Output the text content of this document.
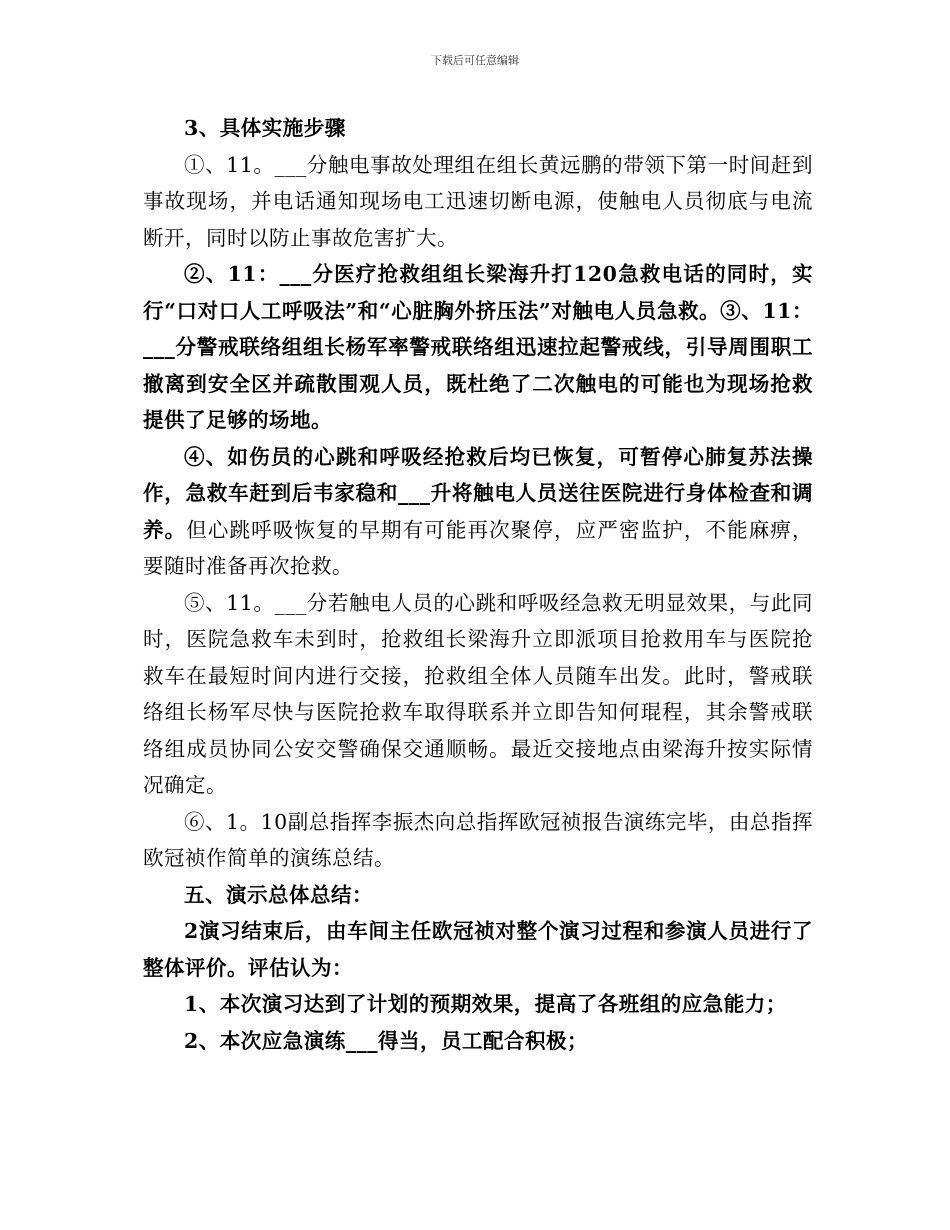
下载后可任意编辑

3、具体实施步骤

①、11。___分触电事故处理组在组长黄远鹏的带领下第一时间赶到事故现场，并电话通知现场电工迅速切断电源，使触电人员彻底与电流断开，同时以防止事故危害扩大。

②、11：___分医疗抢救组组长梁海升打120急救电话的同时，实行“口对口人工呼吸法”和“心脏胸外挤压法”对触电人员急救。③、11：___分警戒联络组组长杨军率警戒联络组迅速拉起警戒线，引导周围职工撤离到安全区并疏散围观人员，既杜绝了二次触电的可能也为现场抢救提供了足够的场地。

④、如伤员的心跳和呼吸经抢救后均已恢复，可暂停心肺复苏法操作，急救车赶到后韦家稳和___升将触电人员送往医院进行身体检查和调养。但心跳呼吸恢复的早期有可能再次聚停，应严密监护，不能麻痹，要随时准备再次抢救。

⑤、11。___分若触电人员的心跳和呼吸经急救无明显效果，与此同时，医院急救车未到时，抢救组长梁海升立即派项目抢救用车与医院抢救车在最短时间内进行交接，抢救组全体人员随车出发。此时，警戒联络组长杨军尽快与医院抢救车取得联系并立即告知何琨程，其余警戒联络组成员协同公安交警确保交通顺畅。最近交接地点由梁海升按实际情况确定。

⑥、1。10副总指挥李振杰向总指挥欧冠祯报告演练完毕，由总指挥欧冠祯作简单的演练总结。

五、演示总体总结：

2演习结束后，由车间主任欧冠祯对整个演习过程和参演人员进行了整体评价。评估认为：

1、本次演习达到了计划的预期效果，提高了各班组的应急能力；

2、本次应急演练___得当，员工配合积极；
